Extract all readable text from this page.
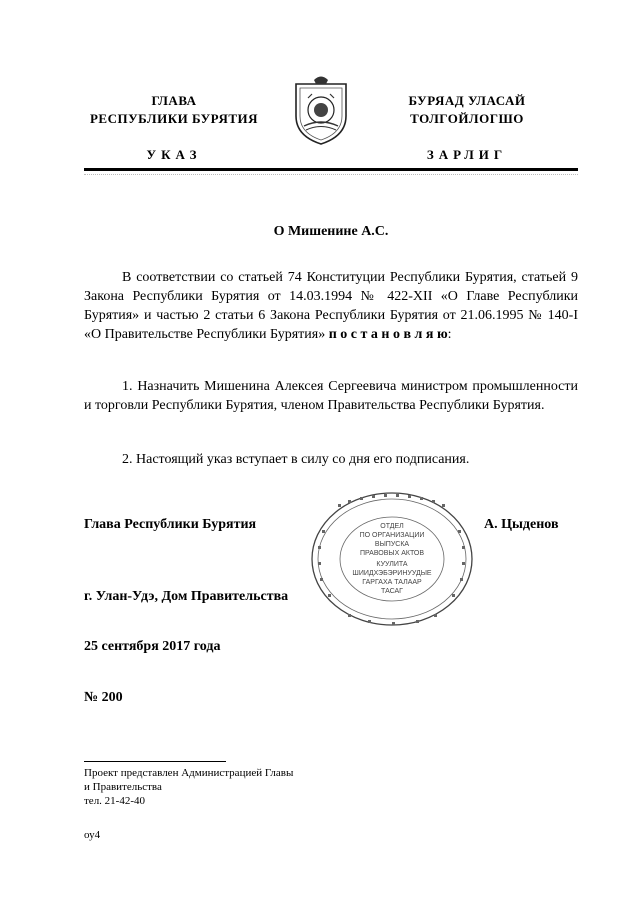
ГЛАВА
РЕСПУБЛИКИ БУРЯТИЯ
УКАЗ
БУРЯАД УЛАСАЙ
ТОЛГОЙЛОГШО
ЗАРЛИГ
О Мишенине А.С.
В соответствии со статьей 74 Конституции Республики Бурятия, статьей 9 Закона Республики Бурятия от 14.03.1994 № 422-XII «О Главе Республики Бурятия» и частью 2 статьи 6 Закона Республики Бурятия от 21.06.1995 № 140-I «О Правительстве Республики Бурятия» п о с т а н о в л я ю:
1. Назначить Мишенина Алексея Сергеевича министром промышленности и торговли Республики Бурятия, членом Правительства Республики Бурятия.
2. Настоящий указ вступает в силу со дня его подписания.
Глава Республики Бурятия	А. Цыденов
ОТДЕЛ
ПО ОРГАНИЗАЦИИ
ВЫПУСКА
ПРАВОВЫХ АКТОВ
КУУЛИТА
ШИИДХЭБЭРИНУУДЫЕ
ГАРГАХА ТАЛААР
ТАСАГ
г. Улан-Удэ, Дом Правительства
25 сентября 2017 года
№ 200
Проект представлен Администрацией Главы
и Правительства
тел. 21-42-40
оу4
